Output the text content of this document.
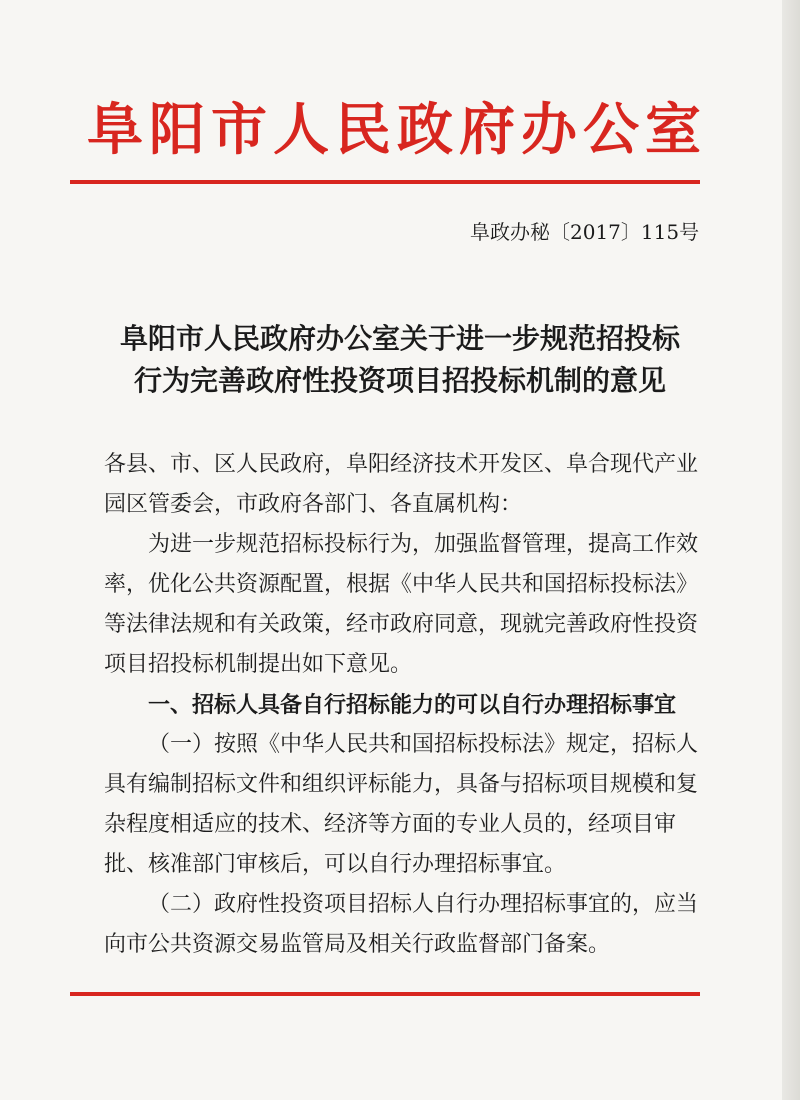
阜阳市人民政府办公室
阜政办秘〔2017〕115号
阜阳市人民政府办公室关于进一步规范招投标
行为完善政府性投资项目招投标机制的意见

各县、市、区人民政府，阜阳经济技术开发区、阜合现代产业园区管委会，市政府各部门、各直属机构：

为进一步规范招标投标行为，加强监督管理，提高工作效率，优化公共资源配置，根据《中华人民共和国招标投标法》等法律法规和有关政策，经市政府同意，现就完善政府性投资项目招投标机制提出如下意见。

一、招标人具备自行招标能力的可以自行办理招标事宜

（一）按照《中华人民共和国招标投标法》规定，招标人具有编制招标文件和组织评标能力，具备与招标项目规模和复杂程度相适应的技术、经济等方面的专业人员的，经项目审批、核准部门审核后，可以自行办理招标事宜。

（二）政府性投资项目招标人自行办理招标事宜的，应当向市公共资源交易监管局及相关行政监督部门备案。
